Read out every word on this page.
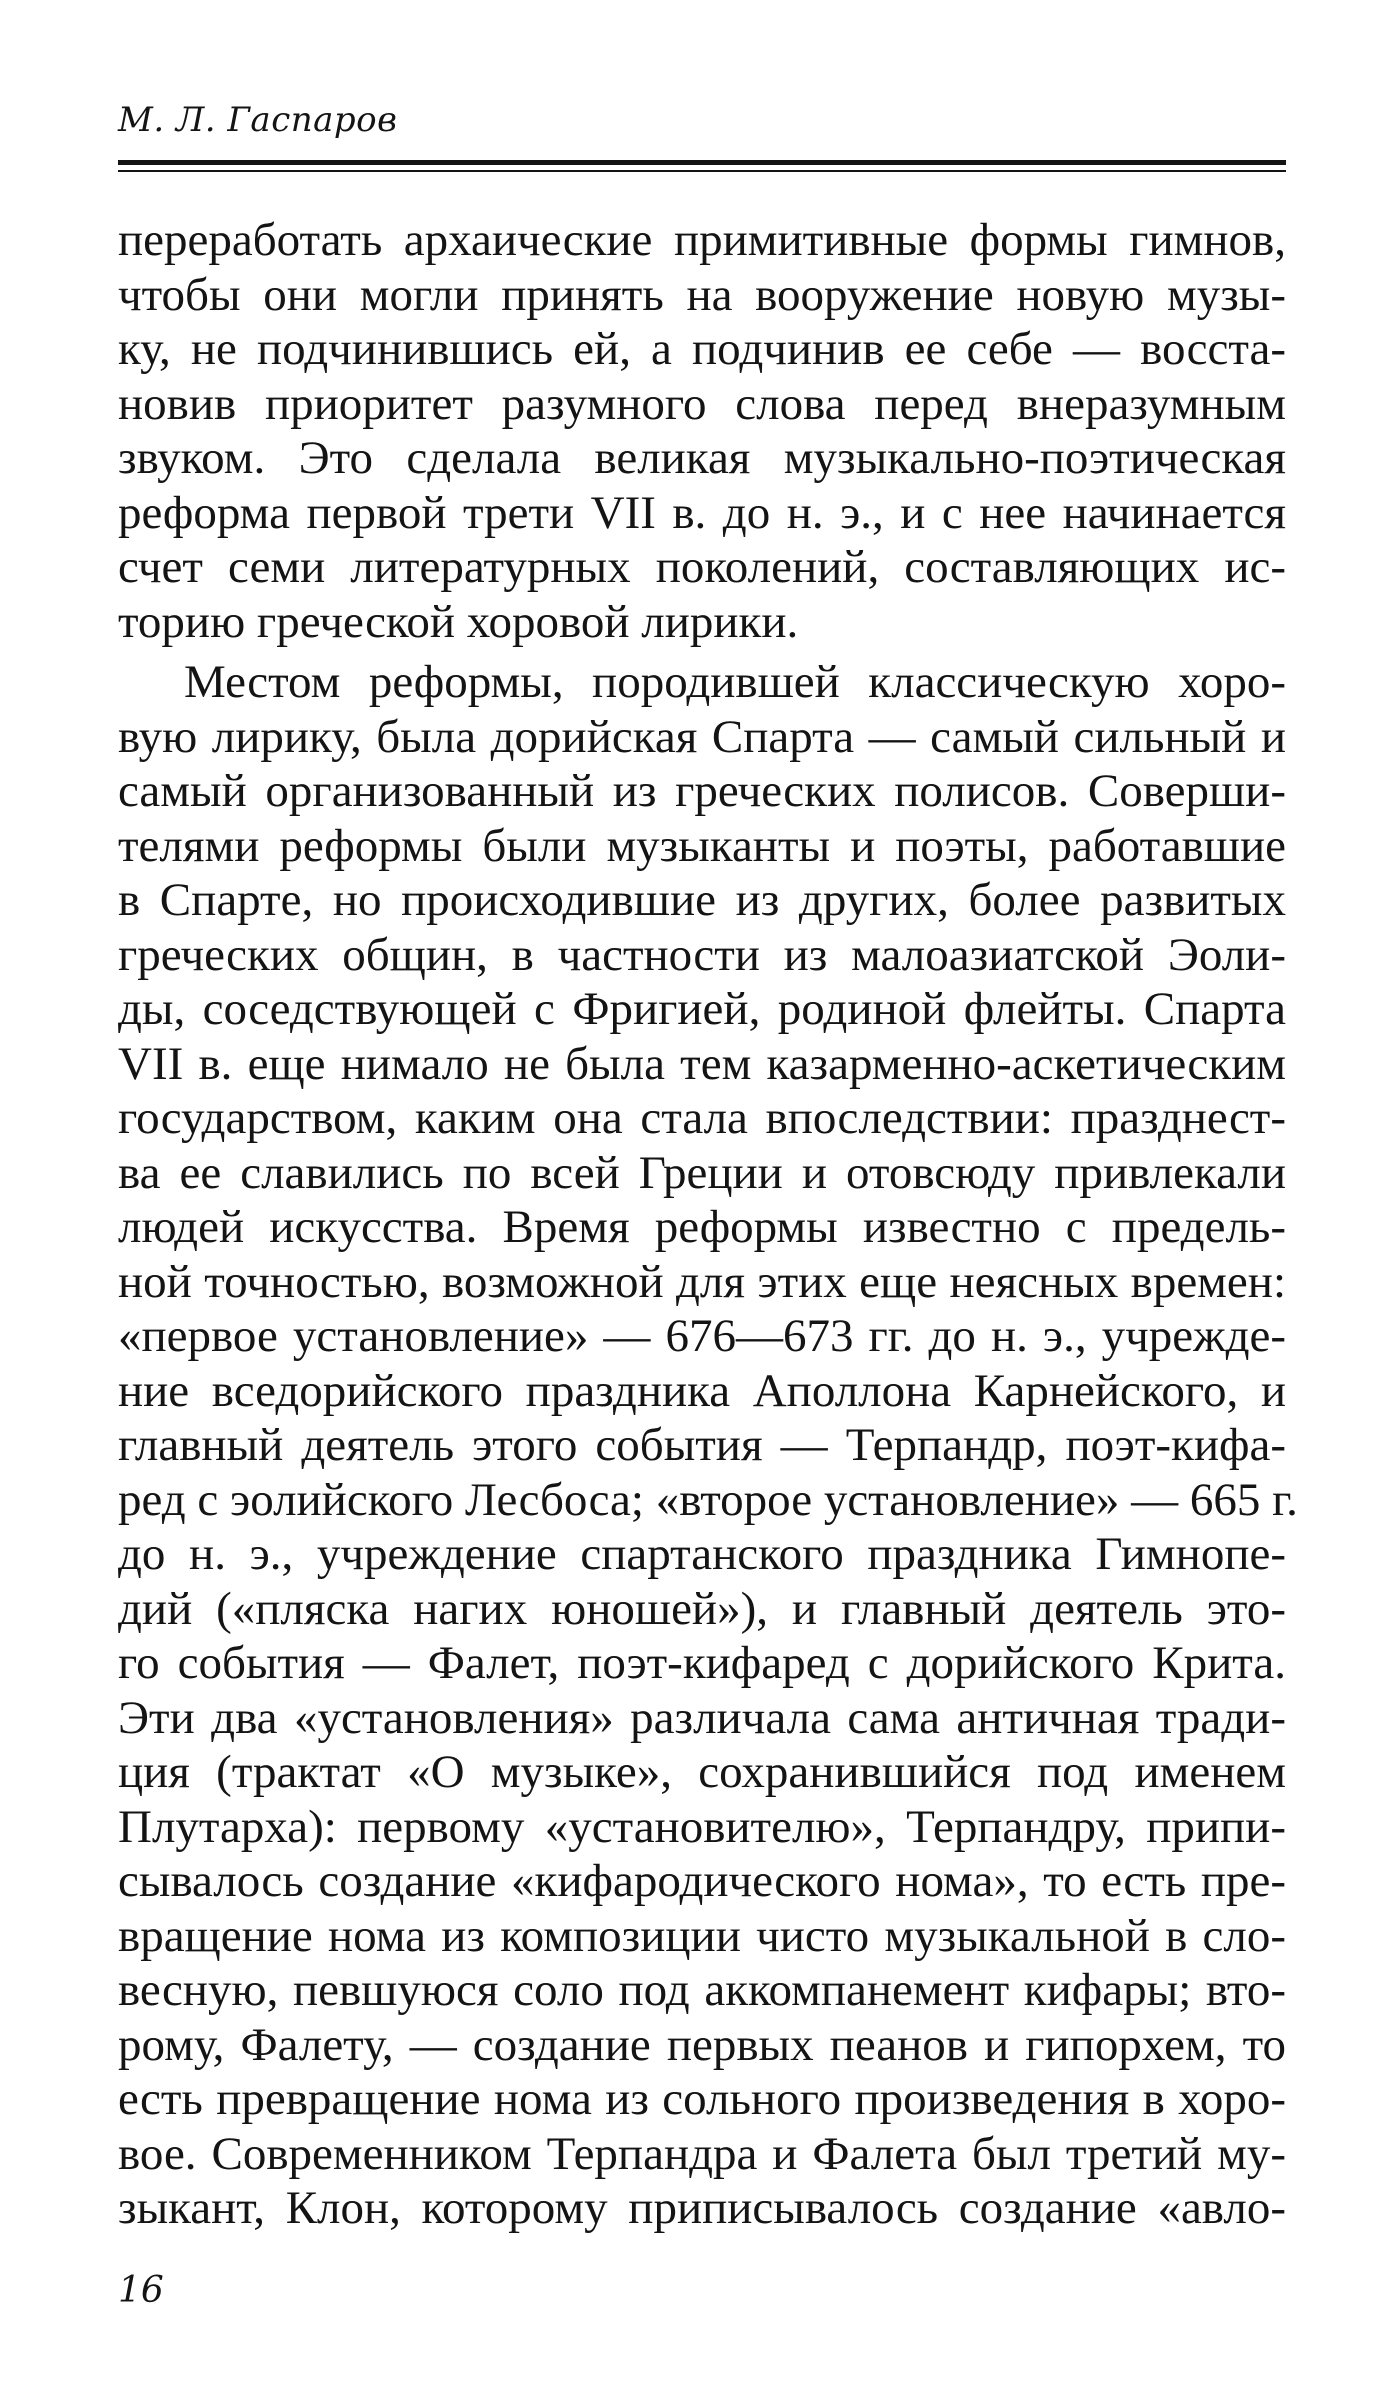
М. Л. Гаспаров
переработать архаические примитивные формы гимнов,
чтобы они могли принять на вооружение новую музы-
ку, не подчинившись ей, а подчинив ее себе — восста-
новив приоритет разумного слова перед внеразумным
звуком. Это сделала великая музыкально-поэтическая
реформа первой трети VII в. до н. э., и с нее начинается
счет семи литературных поколений, составляющих ис-
торию греческой хоровой лирики.
Местом реформы, породившей классическую хоро-
вую лирику, была дорийская Спарта — самый сильный и
самый организованный из греческих полисов. Соверши-
телями реформы были музыканты и поэты, работавшие
в Спарте, но происходившие из других, более развитых
греческих общин, в частности из малоазиатской Эоли-
ды, соседствующей с Фригией, родиной флейты. Спарта
VII в. еще нимало не была тем казарменно-аскетическим
государством, каким она стала впоследствии: празднест-
ва ее славились по всей Греции и отовсюду привлекали
людей искусства. Время реформы известно с предель-
ной точностью, возможной для этих еще неясных времен:
«первое установление» — 676—673 гг. до н. э., учрежде-
ние вседорийского праздника Аполлона Карнейского, и
главный деятель этого события — Терпандр, поэт-кифа-
ред с эолийского Лесбоса; «второе установление» — 665 г.
до н. э., учреждение спартанского праздника Гимнопе-
дий («пляска нагих юношей»), и главный деятель это-
го события — Фалет, поэт-кифаред с дорийского Крита.
Эти два «установления» различала сама античная тради-
ция (трактат «О музыке», сохранившийся под именем
Плутарха): первому «установителю», Терпандру, припи-
сывалось создание «кифародического нома», то есть пре-
вращение нома из композиции чисто музыкальной в сло-
весную, певшуюся соло под аккомпанемент кифары; вто-
рому, Фалету, — создание первых пеанов и гипорхем, то
есть превращение нома из сольного произведения в хоро-
вое. Современником Терпандра и Фалета был третий му-
зыкант, Клон, которому приписывалось создание «авло-
16
